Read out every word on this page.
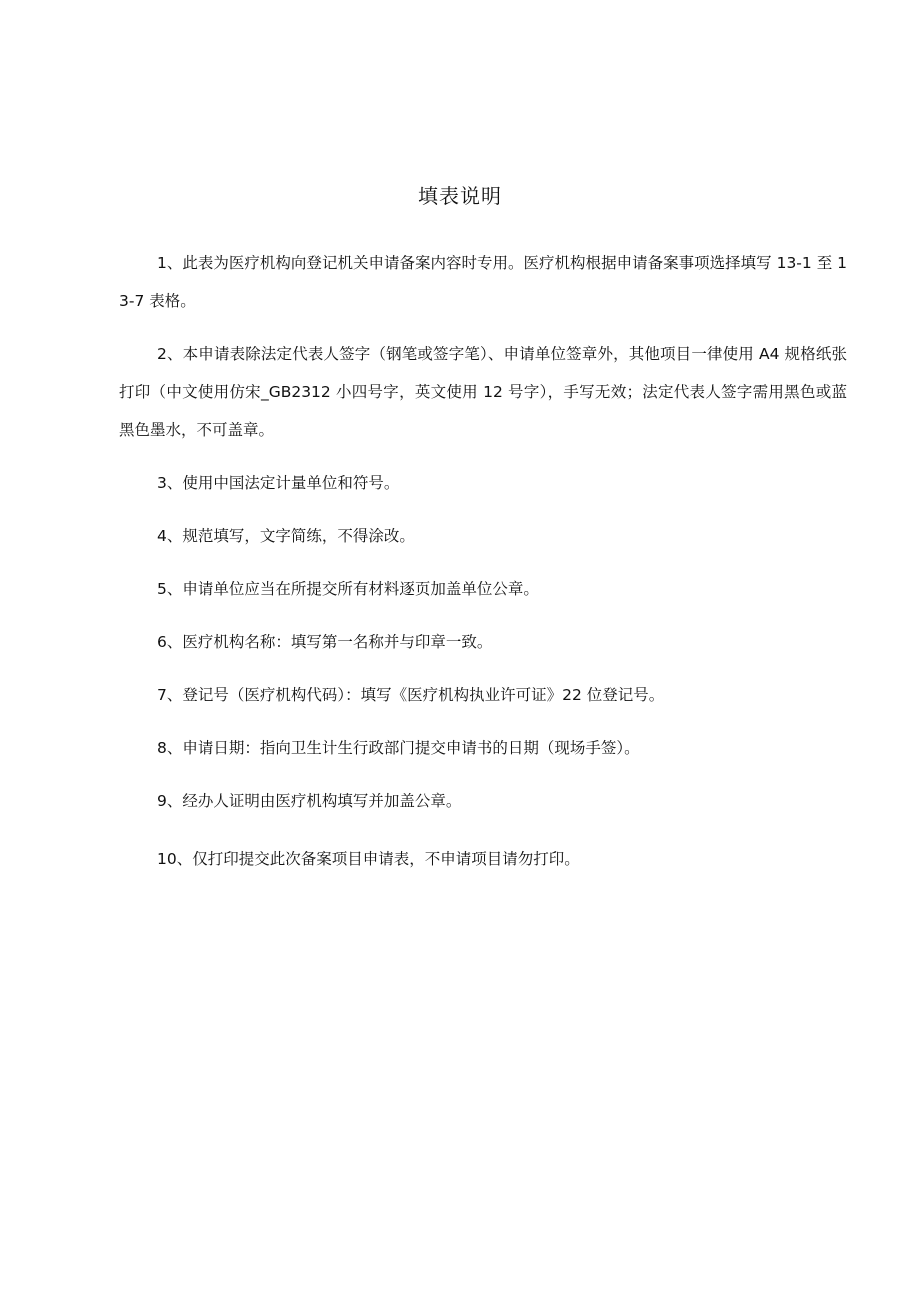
填表说明
1、此表为医疗机构向登记机关申请备案内容时专用。医疗机构根据申请备案事项选择填写 13-1 至 13-7 表格。
2、本申请表除法定代表人签字（钢笔或签字笔）、申请单位签章外，其他项目一律使用 A4 规格纸张打印（中文使用仿宋_GB2312 小四号字，英文使用 12 号字），手写无效；法定代表人签字需用黑色或蓝黑色墨水，不可盖章。
3、使用中国法定计量单位和符号。
4、规范填写，文字简练，不得涂改。
5、申请单位应当在所提交所有材料逐页加盖单位公章。
6、医疗机构名称：填写第一名称并与印章一致。
7、登记号（医疗机构代码）：填写《医疗机构执业许可证》22 位登记号。
8、申请日期：指向卫生计生行政部门提交申请书的日期（现场手签）。
9、经办人证明由医疗机构填写并加盖公章。
10、仅打印提交此次备案项目申请表，不申请项目请勿打印。
